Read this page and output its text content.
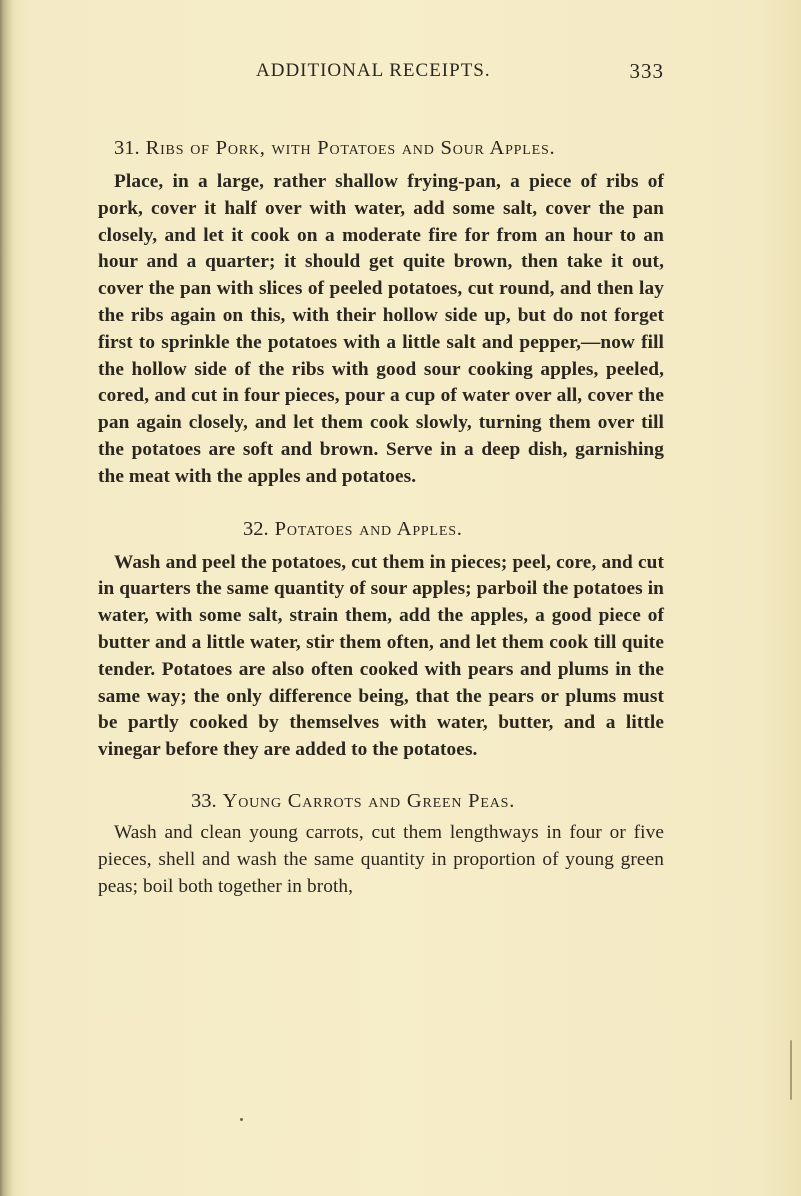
ADDITIONAL RECEIPTS.	333
31. Ribs of Pork, with Potatoes and Sour Apples.

Place, in a large, rather shallow frying-pan, a piece of ribs of pork, cover it half over with water, add some salt, cover the pan closely, and let it cook on a moderate fire for from an hour to an hour and a quarter; it should get quite brown, then take it out, cover the pan with slices of peeled potatoes, cut round, and then lay the ribs again on this, with their hollow side up, but do not forget first to sprinkle the potatoes with a little salt and pepper,—now fill the hollow side of the ribs with good sour cooking apples, peeled, cored, and cut in four pieces, pour a cup of water over all, cover the pan again closely, and let them cook slowly, turning them over till the potatoes are soft and brown. Serve in a deep dish, garnishing the meat with the apples and potatoes.

32. Potatoes and Apples.

Wash and peel the potatoes, cut them in pieces; peel, core, and cut in quarters the same quantity of sour apples; parboil the potatoes in water, with some salt, strain them, add the apples, a good piece of butter and a little water, stir them often, and let them cook till quite tender. Potatoes are also often cooked with pears and plums in the same way; the only difference being, that the pears or plums must be partly cooked by themselves with water, butter, and a little vinegar before they are added to the potatoes.

33. Young Carrots and Green Peas.

Wash and clean young carrots, cut them lengthways in four or five pieces, shell and wash the same quantity in proportion of young green peas; boil both together in broth,
